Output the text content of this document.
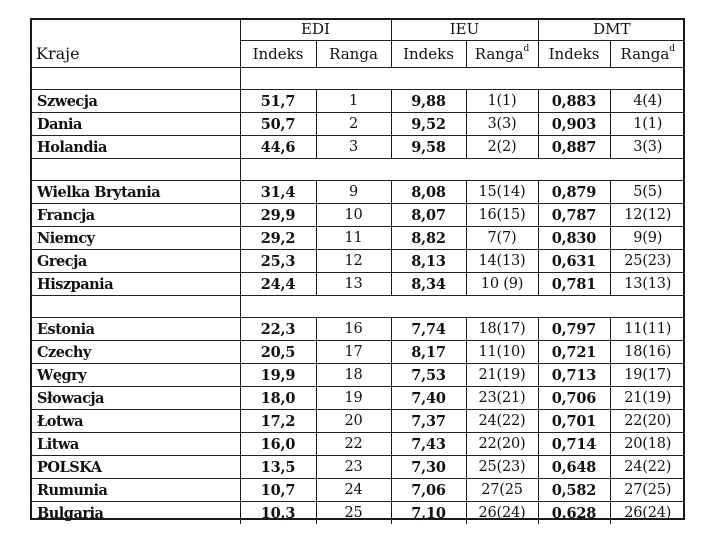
	EDI		IEU		DMT	
Kraje	Indeks	Ranga	Indeks	Ranga$^d$	Indeks	Ranga$^d$

Szwecja	51,7	1	9,88	1(1)	0,883	4(4)
Dania	50,7	2	9,52	3(3)	0,903	1(1)
Holandia	44,6	3	9,58	2(2)	0,887	3(3)

Wielka Brytania	31,4	9	8,08	15(14)	0,879	5(5)
Francja	29,9	10	8,07	16(15)	0,787	12(12)
Niemcy	29,2	11	8,82	7(7)	0,830	9(9)
Grecja	25,3	12	8,13	14(13)	0,631	25(23)
Hiszpania	24,4	13	8,34	10 (9)	0,781	13(13)

Estonia	22,3	16	7,74	18(17)	0,797	11(11)
Czechy	20,5	17	8,17	11(10)	0,721	18(16)
Węgry	19,9	18	7,53	21(19)	0,713	19(17)
Słowacja	18,0	19	7,40	23(21)	0,706	21(19)
Łotwa	17,2	20	7,37	24(22)	0,701	22(20)
Litwa	16,0	22	7,43	22(20)	0,714	20(18)
POLSKA	13,5	23	7,30	25(23)	0,648	24(22)
Rumunia	10,7	24	7,06	27(25	0,582	27(25)
Bulgaria	10,3	25	7,10	26(24)	0.628	26(24)
